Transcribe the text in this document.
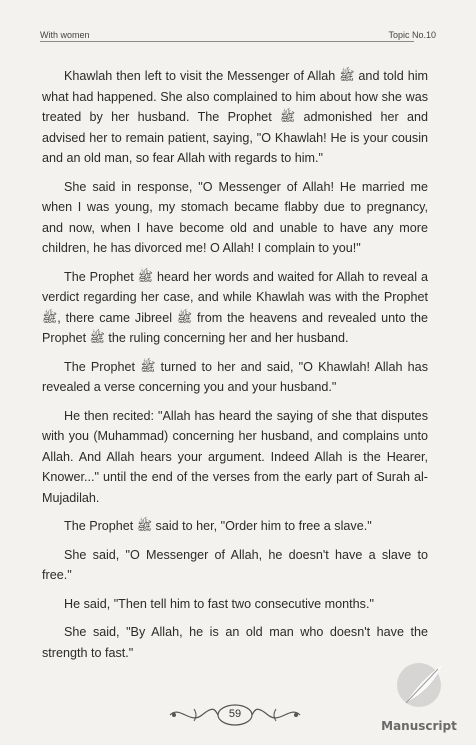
With women	Topic No.10

Khawlah then left to visit the Messenger of Allah ﷺ and told him what had happened. She also complained to him about how she was treated by her husband. The Prophet ﷺ admonished her and advised her to remain patient, saying, "O Khawlah! He is your cousin and an old man, so fear Allah with regards to him."

She said in response, "O Messenger of Allah! He married me when I was young, my stomach became flabby due to pregnancy, and now, when I have become old and unable to have any more children, he has divorced me! O Allah! I complain to you!"

The Prophet ﷺ heard her words and waited for Allah to reveal a verdict regarding her case, and while Khawlah was with the Prophet ﷺ, there came Jibreel ﷺ from the heavens and revealed unto the Prophet ﷺ the ruling concerning her and her husband.

The Prophet ﷺ turned to her and said, "O Khawlah! Allah has revealed a verse concerning you and your husband."

He then recited: "Allah has heard the saying of she that disputes with you (Muhammad) concerning her husband, and complains unto Allah. And Allah hears your argument. Indeed Allah is the Hearer, Knower..." until the end of the verses from the early part of Surah al-Mujadilah.

The Prophet ﷺ said to her, "Order him to free a slave."

She said, "O Messenger of Allah, he doesn't have a slave to free."

He said, "Then tell him to fast two consecutive months."

She said, "By Allah, he is an old man who doesn't have the strength to fast."

59
Manuscript
